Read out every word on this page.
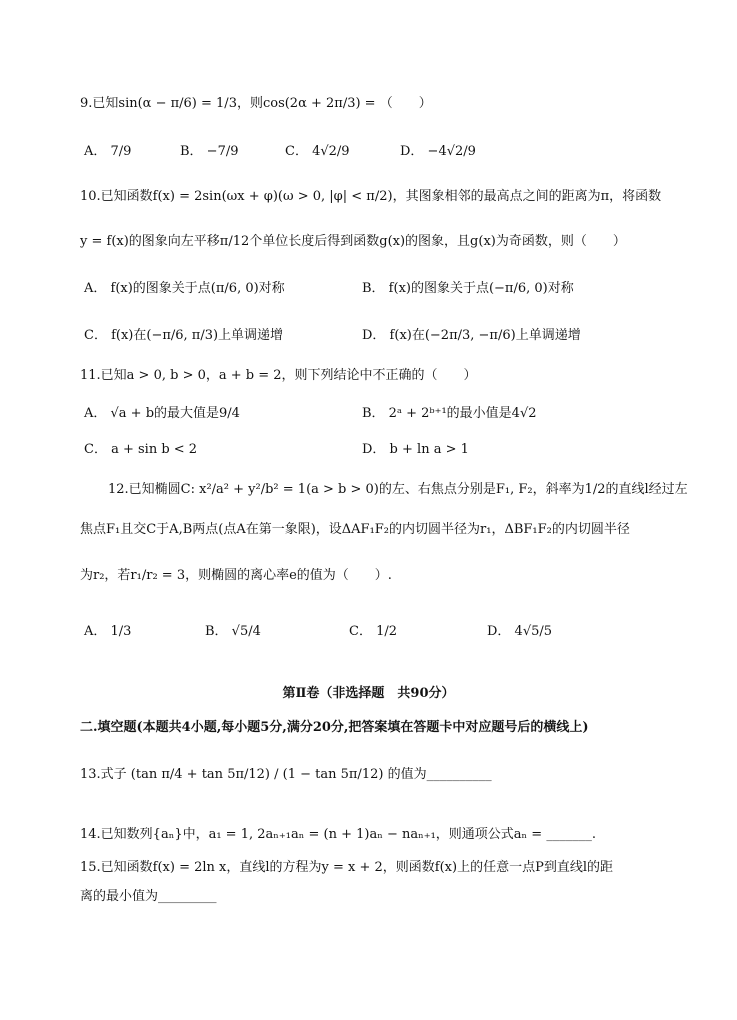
9.已知sin(α − π/6) = 1/3，则cos(2α + 2π/3) = （　　）
A． 7/9	B． −7/9	C． 4√2/9	D． −4√2/9
10.已知函数f(x) = 2sin(ωx + φ)(ω > 0, |φ| < π/2)，其图象相邻的最高点之间的距离为π，将函数
y = f(x)的图象向左平移π/12个单位长度后得到函数g(x)的图象，且g(x)为奇函数，则（　　）
A． f(x)的图象关于点(π/6, 0)对称	B． f(x)的图象关于点(−π/6, 0)对称
C． f(x)在(−π/6, π/3)上单调递增	D． f(x)在(−2π/3, −π/6)上单调递增
11.已知a > 0, b > 0，a + b = 2，则下列结论中不正确的（　　）
A． √a + b的最大值是9/4	B． 2ᵃ + 2ᵇ⁺¹的最小值是4√2
C． a + sin b < 2	D． b + ln a > 1
12.已知椭圆C: x²/a² + y²/b² = 1(a > b > 0)的左、右焦点分别是F₁, F₂，斜率为1/2的直线l经过左
焦点F₁且交C于A,B两点(点A在第一象限)，设ΔAF₁F₂的内切圆半径为r₁，ΔBF₁F₂的内切圆半径
为r₂，若r₁/r₂ = 3，则椭圆的离心率e的值为（　　）.
A． 1/3	B． √5/4	C． 1/2	D． 4√5/5
第Ⅱ卷（非选择题　共90分）
二.填空题(本题共4小题,每小题5分,满分20分,把答案填在答题卡中对应题号后的横线上)
13.式子 (tan π/4 + tan 5π/12) / (1 − tan 5π/12) 的值为__________
14.已知数列{aₙ}中，a₁ = 1, 2aₙ₊₁aₙ = (n + 1)aₙ − naₙ₊₁，则通项公式aₙ = _______.
15.已知函数f(x) = 2ln x，直线l的方程为y = x + 2，则函数f(x)上的任意一点P到直线l的距
离的最小值为_________
